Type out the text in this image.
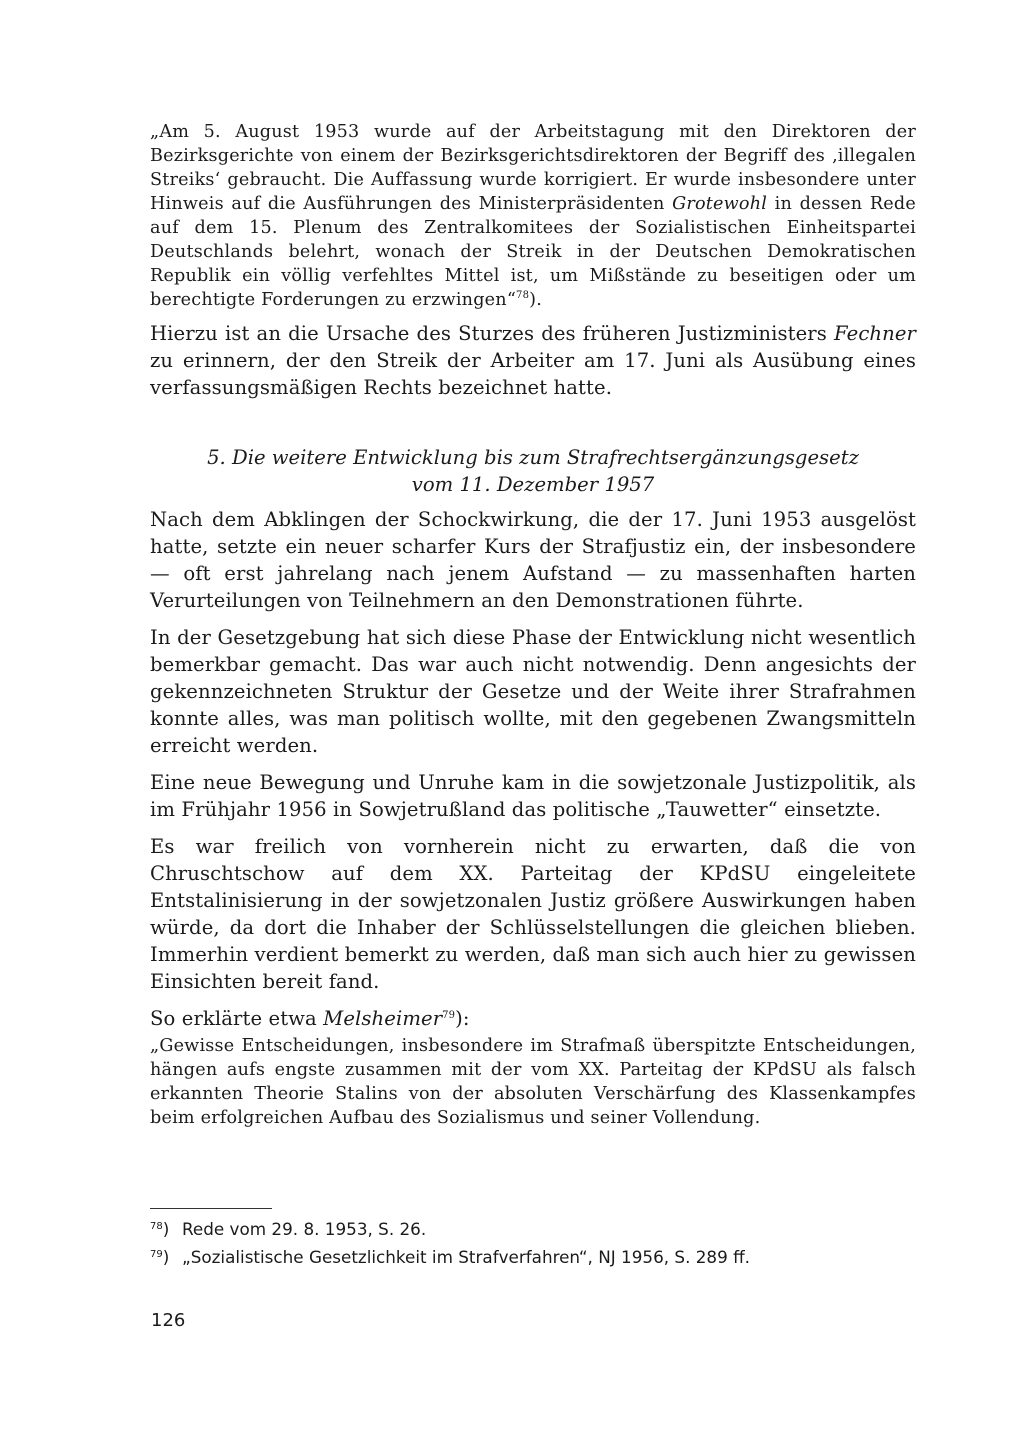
„Am 5. August 1953 wurde auf der Arbeitstagung mit den Direktoren der Bezirksgerichte von einem der Bezirksgerichtsdirektoren der Begriff des ‚illegalen Streiks‘ gebraucht. Die Auffassung wurde korrigiert. Er wurde insbesondere unter Hinweis auf die Ausführungen des Ministerpräsidenten Grotewohl in dessen Rede auf dem 15. Plenum des Zentralkomitees der Sozialistischen Einheitspartei Deutschlands belehrt, wonach der Streik in der Deutschen Demokratischen Republik ein völlig verfehltes Mittel ist, um Mißstände zu beseitigen oder um berechtigte Forderungen zu erzwingen“$^{78}$).

Hierzu ist an die Ursache des Sturzes des früheren Justizministers Fechner zu erinnern, der den Streik der Arbeiter am 17. Juni als Ausübung eines verfassungsmäßigen Rechts bezeichnet hatte.

5. Die weitere Entwicklung bis zum Strafrechtsergänzungsgesetz
vom 11. Dezember 1957

Nach dem Abklingen der Schockwirkung, die der 17. Juni 1953 ausgelöst hatte, setzte ein neuer scharfer Kurs der Strafjustiz ein, der insbesondere — oft erst jahrelang nach jenem Aufstand — zu massenhaften harten Verurteilungen von Teilnehmern an den Demonstrationen führte.

In der Gesetzgebung hat sich diese Phase der Entwicklung nicht wesentlich bemerkbar gemacht. Das war auch nicht notwendig. Denn angesichts der gekennzeichneten Struktur der Gesetze und der Weite ihrer Strafrahmen konnte alles, was man politisch wollte, mit den gegebenen Zwangsmitteln erreicht werden.

Eine neue Bewegung und Unruhe kam in die sowjetzonale Justizpolitik, als im Frühjahr 1956 in Sowjetrußland das politische „Tauwetter“ einsetzte.

Es war freilich von vornherein nicht zu erwarten, daß die von Chruschtschow auf dem XX. Parteitag der KPdSU eingeleitete Entstalinisierung in der sowjetzonalen Justiz größere Auswirkungen haben würde, da dort die Inhaber der Schlüsselstellungen die gleichen blieben. Immerhin verdient bemerkt zu werden, daß man sich auch hier zu gewissen Einsichten bereit fand.

So erklärte etwa Melsheimer$^{79}$):

„Gewisse Entscheidungen, insbesondere im Strafmaß überspitzte Entscheidungen, hängen aufs engste zusammen mit der vom XX. Parteitag der KPdSU als falsch erkannten Theorie Stalins von der absoluten Verschärfung des Klassenkampfes beim erfolgreichen Aufbau des Sozialismus und seiner Vollendung.

$^{78}$) Rede vom 29. 8. 1953, S. 26.
$^{79}$) „Sozialistische Gesetzlichkeit im Strafverfahren“, NJ 1956, S. 289 ff.
126
